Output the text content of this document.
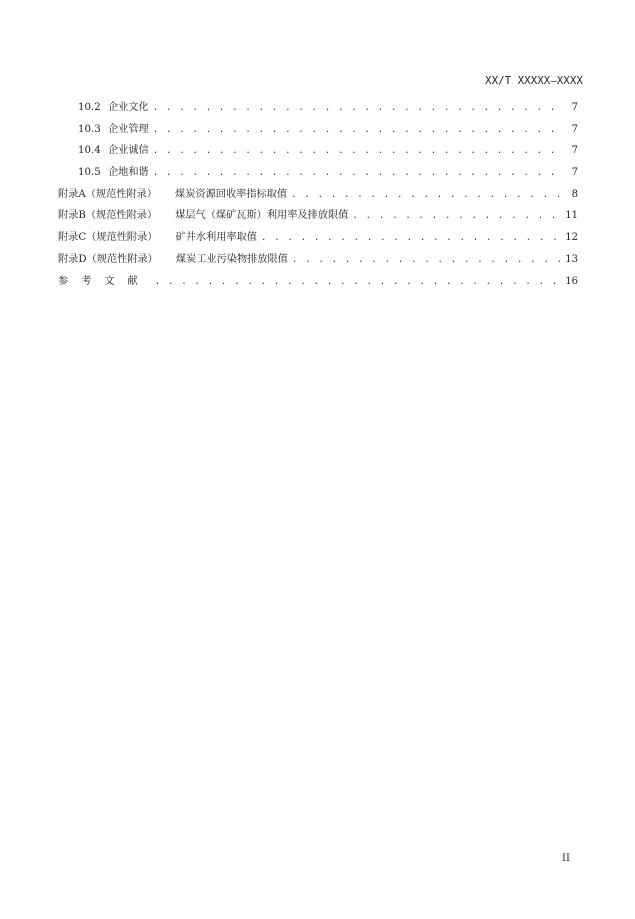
XX/T XXXXX—XXXX
10.2 企业文化 . . .	7
10.3 企业管理 . . .	7
10.4 企业诚信 . . .	7
10.5 企地和谐 . . .	7
附录A（规范性附录） 煤炭资源回收率指标取值 . . .	8
附录B（规范性附录） 煤层气（煤矿瓦斯）利用率及排放限值 . . .	11
附录C（规范性附录） 矿井水利用率取值 . . .	12
附录D（规范性附录） 煤炭工业污染物排放限值 . . .	13
参考文献 . . .	16
II
